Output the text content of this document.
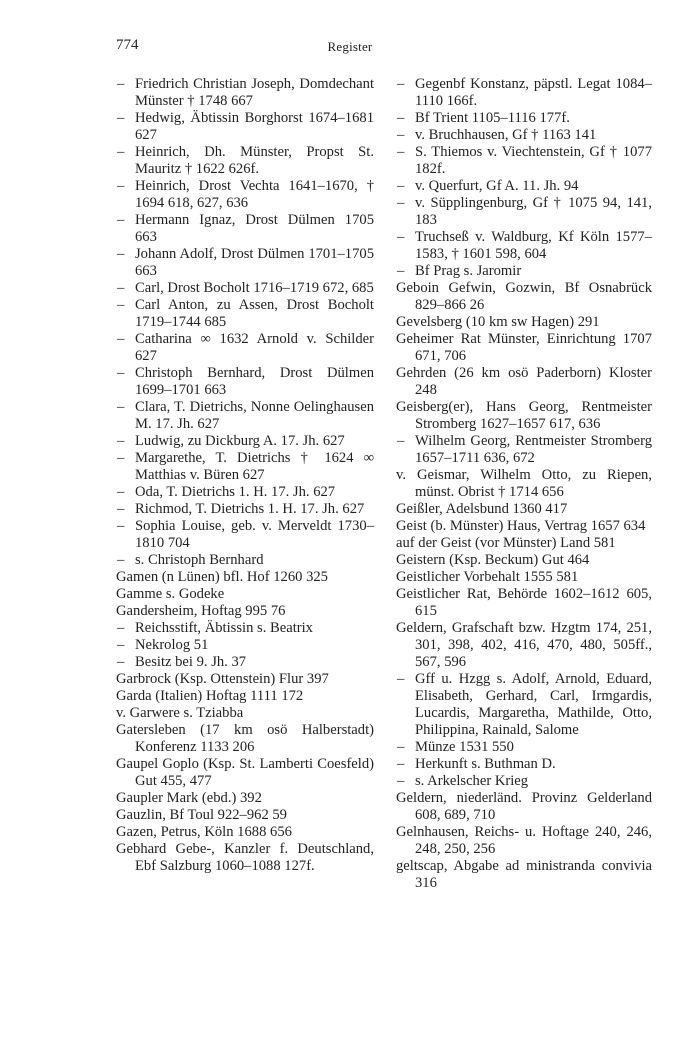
774	Register

– Friedrich Christian Joseph, Domdechant Münster † 1748 667

– Hedwig, Äbtissin Borghorst 1674–1681 627

– Heinrich, Dh. Münster, Propst St. Mauritz † 1622 626f.

– Heinrich, Drost Vechta 1641–1670, † 1694 618, 627, 636

– Hermann Ignaz, Drost Dülmen 1705 663

– Johann Adolf, Drost Dülmen 1701–1705 663

– Carl, Drost Bocholt 1716–1719 672, 685

– Carl Anton, zu Assen, Drost Bocholt 1719–1744 685

– Catharina ∞ 1632 Arnold v. Schilder 627

– Christoph Bernhard, Drost Dülmen 1699–1701 663

– Clara, T. Dietrichs, Nonne Oelinghausen M. 17. Jh. 627

– Ludwig, zu Dickburg A. 17. Jh. 627

– Margarethe, T. Dietrichs † 1624 ∞ Matthias v. Büren 627

– Oda, T. Dietrichs 1. H. 17. Jh. 627

– Richmod, T. Dietrichs 1. H. 17. Jh. 627

– Sophia Louise, geb. v. Merveldt 1730–1810 704

– s. Christoph Bernhard

Gamen (n Lünen) bfl. Hof 1260 325

Gamme s. Godeke

Gandersheim, Hoftag 995 76

– Reichsstift, Äbtissin s. Beatrix

– Nekrolog 51

– Besitz bei 9. Jh. 37

Garbrock (Ksp. Ottenstein) Flur 397

Garda (Italien) Hoftag 1111 172

v. Garwere s. Tziabba

Gatersleben (17 km osö Halberstadt) Konferenz 1133 206

Gaupel Goplo (Ksp. St. Lamberti Coesfeld) Gut 455, 477

Gaupler Mark (ebd.) 392

Gauzlin, Bf Toul 922–962 59

Gazen, Petrus, Köln 1688 656

Gebhard Gebe-, Kanzler f. Deutschland, Ebf Salzburg 1060–1088 127f.

– Gegenbf Konstanz, päpstl. Legat 1084–1110 166f.

– Bf Trient 1105–1116 177f.

– v. Bruchhausen, Gf † 1163 141

– S. Thiemos v. Viechtenstein, Gf † 1077 182f.

– v. Querfurt, Gf A. 11. Jh. 94

– v. Süpplingenburg, Gf † 1075 94, 141, 183

– Truchseß v. Waldburg, Kf Köln 1577–1583, † 1601 598, 604

– Bf Prag s. Jaromir

Geboin Gefwin, Gozwin, Bf Osnabrück 829–866 26

Gevelsberg (10 km sw Hagen) 291

Geheimer Rat Münster, Einrichtung 1707 671, 706

Gehrden (26 km osö Paderborn) Kloster 248

Geisberg(er), Hans Georg, Rentmeister Stromberg 1627–1657 617, 636

– Wilhelm Georg, Rentmeister Stromberg 1657–1711 636, 672

v. Geismar, Wilhelm Otto, zu Riepen, münst. Obrist † 1714 656

Geißler, Adelsbund 1360 417

Geist (b. Münster) Haus, Vertrag 1657 634

auf der Geist (vor Münster) Land 581

Geistern (Ksp. Beckum) Gut 464

Geistlicher Vorbehalt 1555 581

Geistlicher Rat, Behörde 1602–1612 605, 615

Geldern, Grafschaft bzw. Hzgtm 174, 251, 301, 398, 402, 416, 470, 480, 505ff., 567, 596

– Gff u. Hzgg s. Adolf, Arnold, Eduard, Elisabeth, Gerhard, Carl, Irmgardis, Lucardis, Margaretha, Mathilde, Otto, Philippina, Rainald, Salome

– Münze 1531 550

– Herkunft s. Buthman D.

– s. Arkelscher Krieg

Geldern, niederländ. Provinz Gelderland 608, 689, 710

Gelnhausen, Reichs- u. Hoftage 240, 246, 248, 250, 256

geltscap, Abgabe ad ministranda convivia 316
